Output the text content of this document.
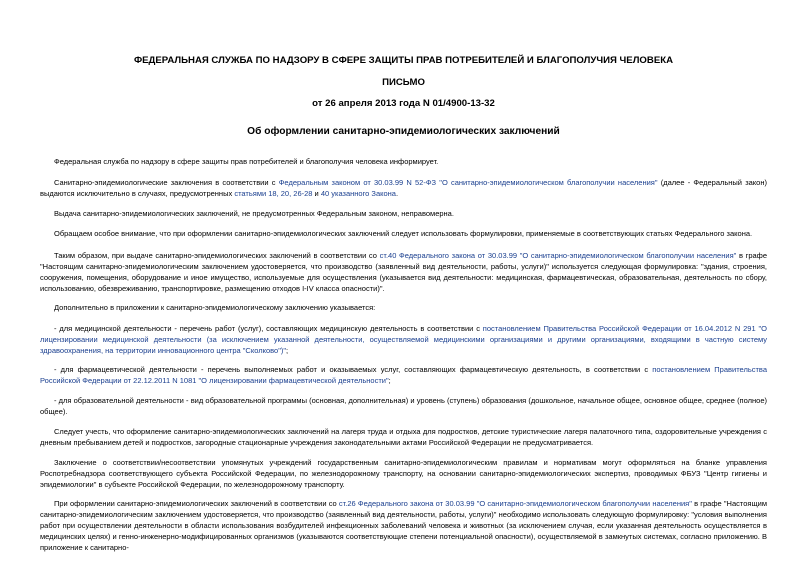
ФЕДЕРАЛЬНАЯ СЛУЖБА ПО НАДЗОРУ В СФЕРЕ ЗАЩИТЫ ПРАВ ПОТРЕБИТЕЛЕЙ И БЛАГОПОЛУЧИЯ ЧЕЛОВЕКА
ПИСЬМО
от 26 апреля 2013 года N 01/4900-13-32
Об оформлении санитарно-эпидемиологических заключений

Федеральная служба по надзору в сфере защиты прав потребителей и благополучия человека информирует.

Санитарно-эпидемиологические заключения в соответствии с Федеральным законом от 30.03.99 N 52-ФЗ "О санитарно-эпидемиологическом благополучии населения" (далее - Федеральный закон) выдаются исключительно в случаях, предусмотренных статьями 18, 20, 26-28 и 40 указанного Закона.

Выдача санитарно-эпидемиологических заключений, не предусмотренных Федеральным законом, неправомерна.

Обращаем особое внимание, что при оформлении санитарно-эпидемиологических заключений следует использовать формулировки, применяемые в соответствующих статьях Федерального закона.

Таким образом, при выдаче санитарно-эпидемиологических заключений в соответствии со ст.40 Федерального закона от 30.03.99 "О санитарно-эпидемиологическом благополучии населения" в графе "Настоящим санитарно-эпидемиологическим заключением удостоверяется, что производство (заявленный вид деятельности, работы, услуги)" используется следующая формулировка: "здания, строения, сооружения, помещения, оборудование и иное имущество, используемые для осуществления (указывается вид деятельности: медицинская, фармацевтическая, образовательная, деятельность по сбору, использованию, обезвреживанию, транспортировке, размещению отходов I-IV класса опасности)".

Дополнительно в приложении к санитарно-эпидемиологическому заключению указывается:

- для медицинской деятельности - перечень работ (услуг), составляющих медицинскую деятельность в соответствии с постановлением Правительства Российской Федерации от 16.04.2012 N 291 "О лицензировании медицинской деятельности (за исключением указанной деятельности, осуществляемой медицинскими организациями и другими организациями, входящими в частную систему здравоохранения, на территории инновационного центра "Сколково")";

- для фармацевтической деятельности - перечень выполняемых работ и оказываемых услуг, составляющих фармацевтическую деятельность, в соответствии с постановлением Правительства Российской Федерации от 22.12.2011 N 1081 "О лицензировании фармацевтической деятельности";

- для образовательной деятельности - вид образовательной программы (основная, дополнительная) и уровень (ступень) образования (дошкольное, начальное общее, основное общее, среднее (полное) общее).

Следует учесть, что оформление санитарно-эпидемиологических заключений на лагеря труда и отдыха для подростков, детские туристические лагеря палаточного типа, оздоровительные учреждения с дневным пребыванием детей и подростков, загородные стационарные учреждения законодательными актами Российской Федерации не предусматривается.

Заключение о соответствии/несоответствии упомянутых учреждений государственным санитарно-эпидемиологическим правилам и нормативам могут оформляться на бланке управления Роспотребнадзора соответствующего субъекта Российской Федерации, по железнодорожному транспорту, на основании санитарно-эпидемиологических экспертиз, проводимых ФБУЗ "Центр гигиены и эпидемиологии" в субъекте Российской Федерации, по железнодорожному транспорту.

При оформлении санитарно-эпидемиологических заключений в соответствии со ст.26 Федерального закона от 30.03.99 "О санитарно-эпидемиологическом благополучии населения" в графе "Настоящим санитарно-эпидемиологическим заключением удостоверяется, что производство (заявленный вид деятельности, работы, услуги)" необходимо использовать следующую формулировку: "условия выполнения работ при осуществлении деятельности в области использования возбудителей инфекционных заболеваний человека и животных (за исключением случая, если указанная деятельность осуществляется в медицинских целях) и генно-инженерно-модифицированных организмов (указываются соответствующие степени потенциальной опасности), осуществляемой в замкнутых системах, согласно приложению. В приложение к санитарно-
